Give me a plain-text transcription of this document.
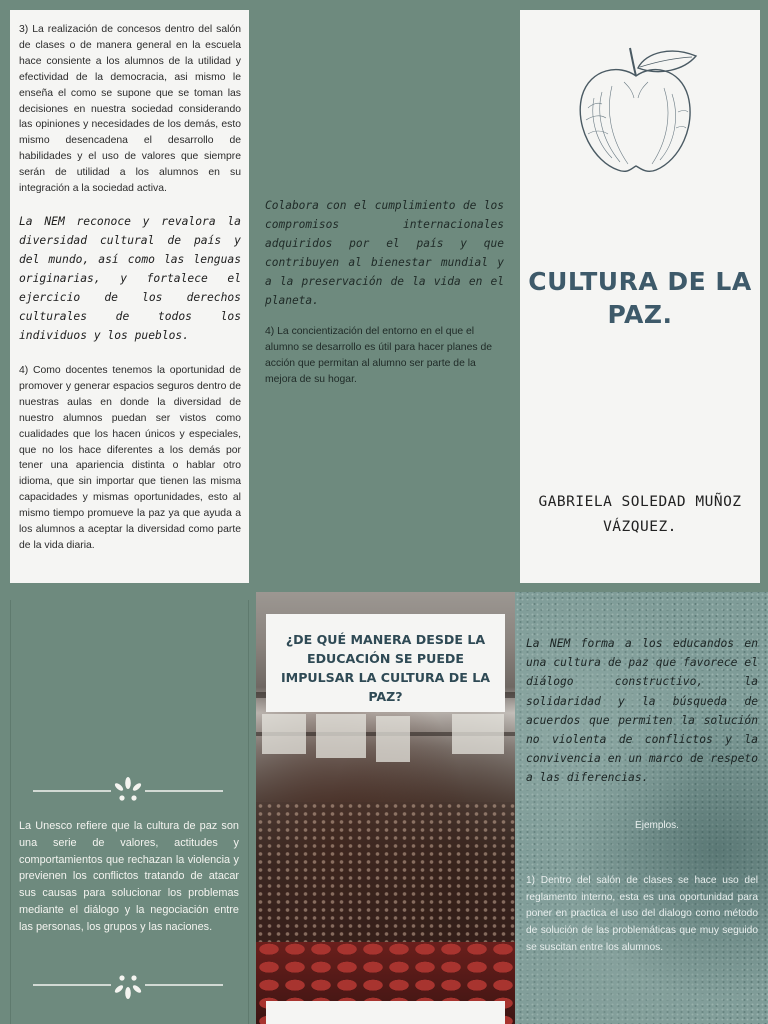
3) La realización de concesos dentro del salón de clases o de manera general en la escuela hace consiente a los alumnos de la utilidad y efectividad de la democracia, asi mismo le enseña el como se supone que se toman las decisiones en nuestra sociedad considerando las opiniones y necesidades de los demás, esto mismo desencadena el desarrollo de habilidades y el uso de valores que siempre serán de utilidad a los alumnos en su integración a la sociedad activa.

La NEM reconoce y revalora la diversidad cultural de país y del mundo, así como las lenguas originarias, y fortalece el ejercicio de los derechos culturales de todos los individuos y los pueblos.

4) Como docentes tenemos la oportunidad de promover y generar espacios seguros dentro de nuestras aulas en donde la diversidad de nuestro alumnos puedan ser vistos como cualidades que los hacen únicos y especiales, que no los hace diferentes a los demás por tener una apariencia distinta o hablar otro idioma, que sin importar que tienen las misma capacidades y mismas oportunidades, esto al mismo tiempo promueve la paz ya que ayuda a los alumnos a aceptar la diversidad como parte de la vida diaria.

Colabora con el cumplimiento de los compromisos internacionales adquiridos por el país y que contribuyen al bienestar mundial y a la preservación de la vida en el planeta.

4) La concientización del entorno en el que el alumno se desarrollo es útil para hacer planes de acción que permitan al alumno ser parte de la mejora de su hogar.

CULTURA DE LA PAZ.
GABRIELA SOLEDAD MUÑOZ VÁZQUEZ.
La Unesco refiere que la cultura de paz son una serie de valores, actitudes y comportamientos que rechazan la violencia y previenen los conflictos tratando de atacar sus causas para solucionar los problemas mediante el diálogo y la negociación entre las personas, los grupos y las naciones.

¿DE QUÉ MANERA DESDE LA EDUCACIÓN SE PUEDE IMPULSAR LA CULTURA DE LA PAZ?

La NEM forma a los educandos en una cultura de paz que favorece el diálogo constructivo, la solidaridad y la búsqueda de acuerdos que permiten la solución no violenta de conflictos y la convivencia en un marco de respeto a las diferencias.

Ejemplos.

1) Dentro del salón de clases se hace uso del reglamento interno, esta es una oportunidad para poner en practica el uso del dialogo como método de solución de las problemáticas que muy seguido se suscitan entre los alumnos.
